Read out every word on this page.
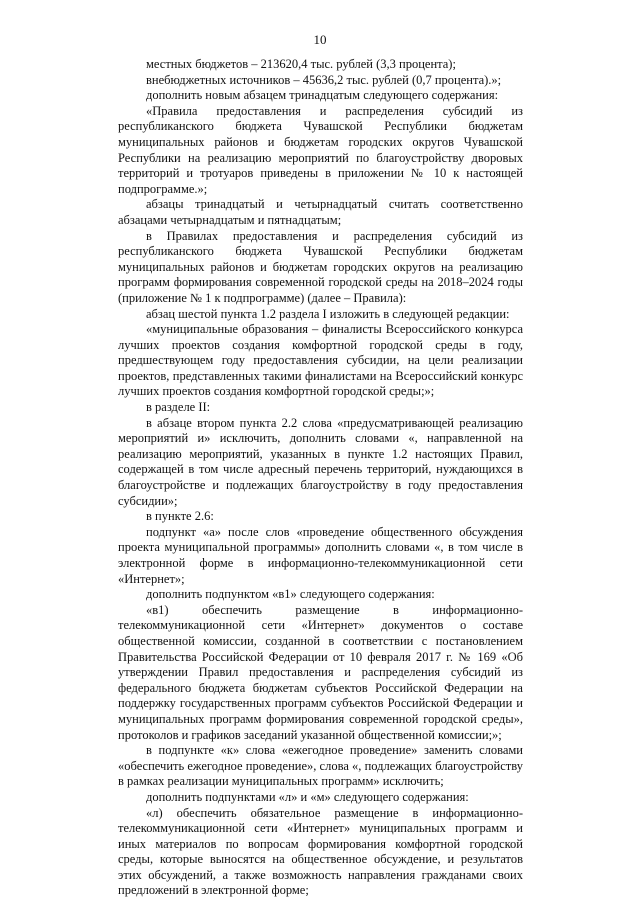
10

местных бюджетов – 213620,4 тыс. рублей (3,3 процента);

внебюджетных источников – 45636,2 тыс. рублей (0,7 процента).»;

дополнить новым абзацем тринадцатым следующего содержания:

«Правила предоставления и распределения субсидий из республиканского бюджета Чувашской Республики бюджетам муниципальных районов и бюджетам городских округов Чувашской Республики на реализацию мероприятий по благоустройству дворовых территорий и тротуаров приведены в приложении № 10 к настоящей подпрограмме.»;

абзацы тринадцатый и четырнадцатый считать соответственно абзацами четырнадцатым и пятнадцатым;

в Правилах предоставления и распределения субсидий из республиканского бюджета Чувашской Республики бюджетам муниципальных районов и бюджетам городских округов на реализацию программ формирования современной городской среды на 2018–2024 годы (приложение № 1 к подпрограмме) (далее – Правила):

абзац шестой пункта 1.2 раздела I изложить в следующей редакции:

«муниципальные образования – финалисты Всероссийского конкурса лучших проектов создания комфортной городской среды в году, предшествующем году предоставления субсидии, на цели реализации проектов, представленных такими финалистами на Всероссийский конкурс лучших проектов создания комфортной городской среды;»;

в разделе II:

в абзаце втором пункта 2.2 слова «предусматривающей реализацию мероприятий и» исключить, дополнить словами «, направленной на реализацию мероприятий, указанных в пункте 1.2 настоящих Правил, содержащей в том числе адресный перечень территорий, нуждающихся в благоустройстве и подлежащих благоустройству в году предоставления субсидии»;

в пункте 2.6:

подпункт «а» после слов «проведение общественного обсуждения проекта муниципальной программы» дополнить словами «, в том числе в электронной форме в информационно-телекоммуникационной сети «Интернет»;

дополнить подпунктом «в1» следующего содержания:

«в1) обеспечить размещение в информационно-телекоммуникационной сети «Интернет» документов о составе общественной комиссии, созданной в соответствии с постановлением Правительства Российской Федерации от 10 февраля 2017 г. № 169 «Об утверждении Правил предоставления и распределения субсидий из федерального бюджета бюджетам субъектов Российской Федерации на поддержку государственных программ субъектов Российской Федерации и муниципальных программ формирования современной городской среды», протоколов и графиков заседаний указанной общественной комиссии;»;

в подпункте «к» слова «ежегодное проведение» заменить словами «обеспечить ежегодное проведение», слова «, подлежащих благоустройству в рамках реализации муниципальных программ» исключить;

дополнить подпунктами «л» и «м» следующего содержания:

«л) обеспечить обязательное размещение в информационно-телекоммуникационной сети «Интернет» муниципальных программ и иных материалов по вопросам формирования комфортной городской среды, которые выносятся на общественное обсуждение, и результатов этих обсуждений, а также возможность направления гражданами своих предложений в электронной форме;
